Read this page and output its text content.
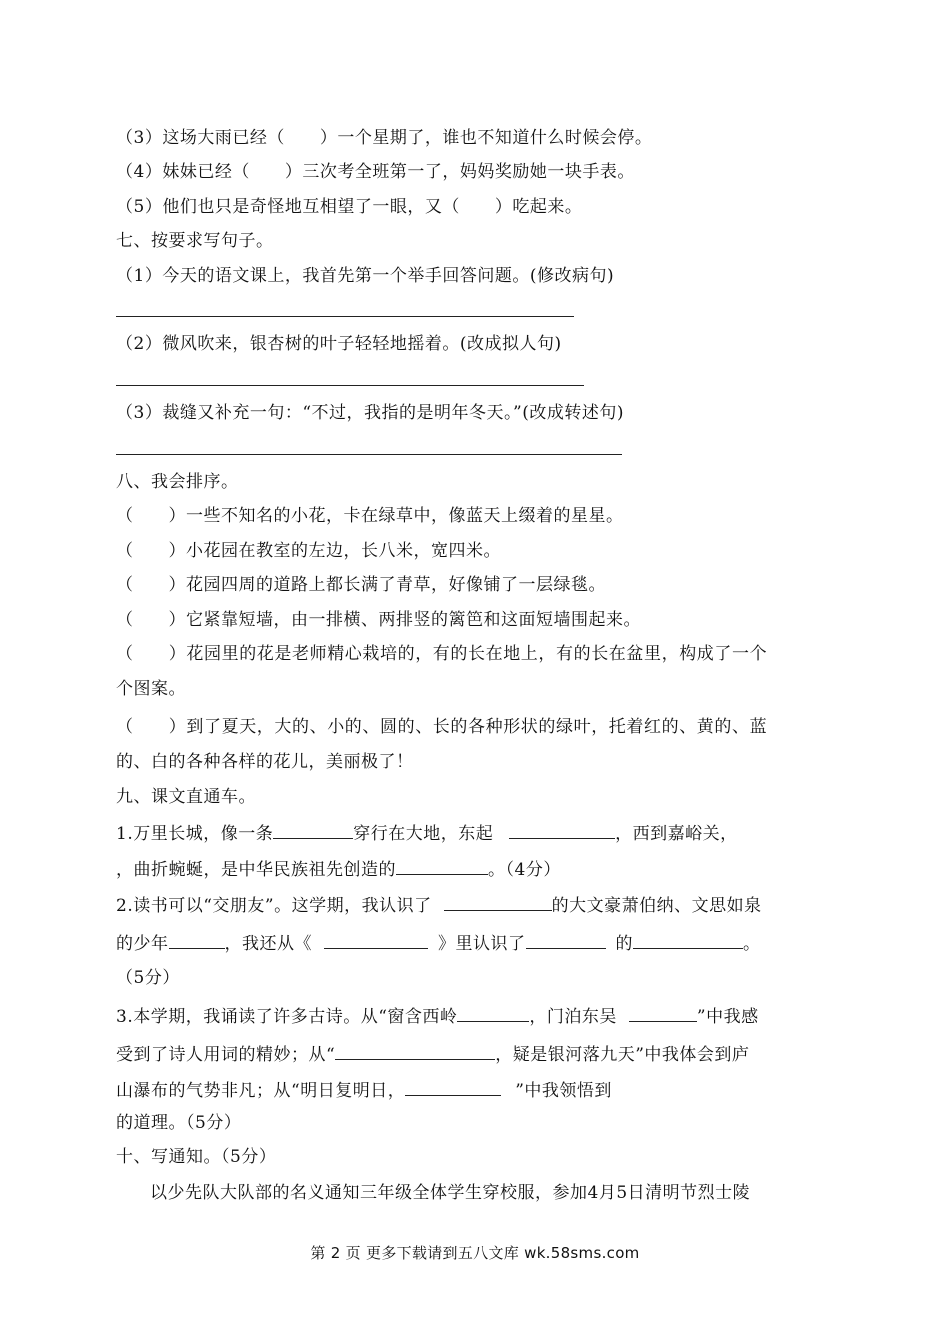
（3）这场大雨已经（　　）一个星期了，谁也不知道什么时候会停。
（4）妹妹已经（　　）三次考全班第一了，妈妈奖励她一块手表。
（5）他们也只是奇怪地互相望了一眼，又（　　）吃起来。
七、按要求写句子。
（1）今天的语文课上，我首先第一个举手回答问题。(修改病句)
（2）微风吹来，银杏树的叶子轻轻地摇着。(改成拟人句)
（3）裁缝又补充一句：“不过，我指的是明年冬天。”(改成转述句)
八、我会排序。
（　　）一些不知名的小花，卡在绿草中，像蓝天上缀着的星星。
（　　）小花园在教室的左边，长八米，宽四米。
（　　）花园四周的道路上都长满了青草，好像铺了一层绿毯。
（　　）它紧靠短墙，由一排横、两排竖的篱笆和这面短墙围起来。
（　　）花园里的花是老师精心栽培的，有的长在地上，有的长在盆里，构成了一个
个图案。
（　　）到了夏天，大的、小的、圆的、长的各种形状的绿叶，托着红的、黄的、蓝
的、白的各种各样的花儿，美丽极了！
九、课文直通车。
1.万里长城，像一条	穿行在大地，东起	，西到嘉峪关，
，曲折蜿蜒，是中华民族祖先创造的	。（4分）
2.读书可以“交朋友”。这学期，我认识了	的大文豪萧伯纳、文思如泉
的少年	，我还从《	》里认识了	的	。
（5分）
3.本学期，我诵读了许多古诗。从“窗含西岭	，门泊东吴	”中我感
受到了诗人用词的精妙；从“	，疑是银河落九天”中我体会到庐
山瀑布的气势非凡；从“明日复明日，	”中我领悟到
的道理。（5分）
十、写通知。（5分）
以少先队大队部的名义通知三年级全体学生穿校服，参加4月5日清明节烈士陵
第 2 页 更多下载请到五八文库 wk.58sms.com
